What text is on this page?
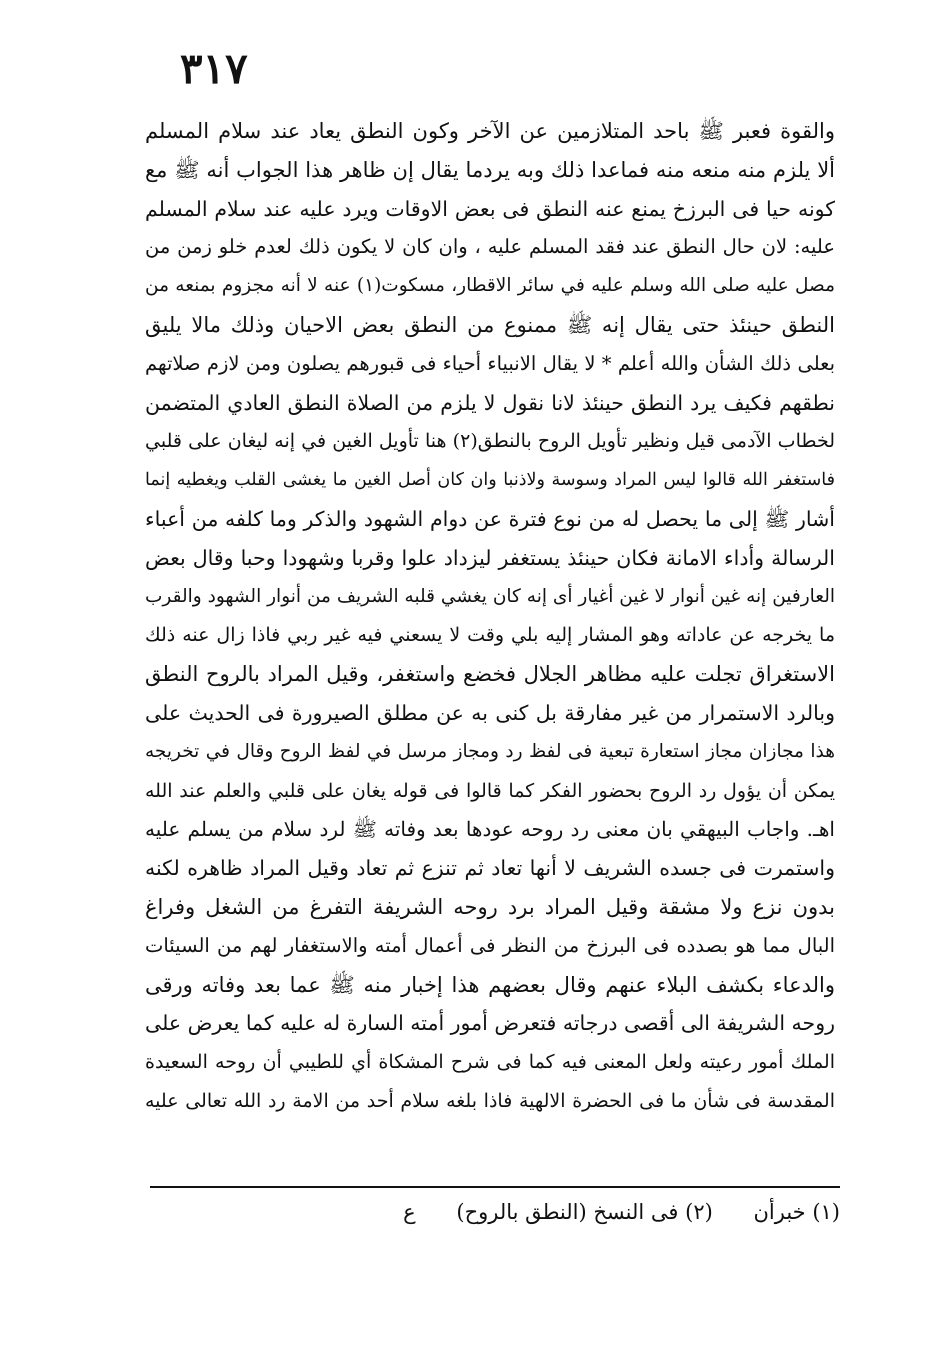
٣١٧
والقوة فعبر ﷺ باحد المتلازمين عن الآخر وكون النطق يعاد عند سلام المسلم
ألا يلزم منه منعه منه فماعدا ذلك وبه يردما يقال إن ظاهر هذا الجواب أنه ﷺ مع
كونه حيا فى البرزخ يمنع عنه النطق فى بعض الاوقات ويرد عليه عند سلام المسلم
عليه: لان حال النطق عند فقد المسلم عليه ، وان كان لا يكون ذلك لعدم خلو زمن من
مصل عليه صلى الله وسلم عليه في سائر الاقطار، مسكوت(١) عنه لا أنه مجزوم بمنعه من
النطق حينئذ حتى يقال إنه ﷺ ممنوع من النطق بعض الاحيان وذلك مالا يليق
بعلى ذلك الشأن والله أعلم * لا يقال الانبياء أحياء فى قبورهم يصلون ومن لازم صلاتهم
نطقهم فكيف يرد النطق حينئذ لانا نقول لا يلزم من الصلاة النطق العادي المتضمن
لخطاب الآدمى قيل ونظير تأويل الروح بالنطق(٢) هنا تأويل الغين في إنه ليغان على قلبي
فاستغفر الله قالوا ليس المراد وسوسة ولاذنبا وان كان أصل الغين ما يغشى القلب ويغطيه إنما
أشار ﷺ إلى ما يحصل له من نوع فترة عن دوام الشهود والذكر وما كلفه من أعباء
الرسالة وأداء الامانة فكان حينئذ يستغفر ليزداد علوا وقربا وشهودا وحبا وقال بعض
العارفين إنه غين أنوار لا غين أغيار أى إنه كان يغشي قلبه الشريف من أنوار الشهود والقرب
ما يخرجه عن عاداته وهو المشار إليه بلي وقت لا يسعني فيه غير ربي فاذا زال عنه ذلك
الاستغراق تجلت عليه مظاهر الجلال فخضع واستغفر، وقيل المراد بالروح النطق
وبالرد الاستمرار من غير مفارقة بل كنى به عن مطلق الصيرورة فى الحديث على
هذا مجازان مجاز استعارة تبعية فى لفظ رد ومجاز مرسل في لفظ الروح وقال في تخريجه
يمكن أن يؤول رد الروح بحضور الفكر كما قالوا فى قوله يغان على قلبي والعلم عند الله
اهـ. واجاب البيهقي بان معنى رد روحه عودها بعد وفاته ﷺ لرد سلام من يسلم عليه
واستمرت فى جسده الشريف لا أنها تعاد ثم تنزع ثم تعاد وقيل المراد ظاهره لكنه
بدون نزع ولا مشقة وقيل المراد برد روحه الشريفة التفرغ من الشغل وفراغ
البال مما هو بصدده فى البرزخ من النظر فى أعمال أمته والاستغفار لهم من السيئات
والدعاء بكشف البلاء عنهم وقال بعضهم هذا إخبار منه ﷺ عما بعد وفاته ورقى
روحه الشريفة الى أقصى درجاته فتعرض أمور أمته السارة له عليه كما يعرض على
الملك أمور رعيته ولعل المعنى فيه كما فى شرح المشكاة أي للطيبي أن روحه السعيدة
المقدسة فى شأن ما فى الحضرة الالهية فاذا بلغه سلام أحد من الامة رد الله تعالى عليه
(١) خبرأن (٢) فى النسخ (النطق بالروح) ع
